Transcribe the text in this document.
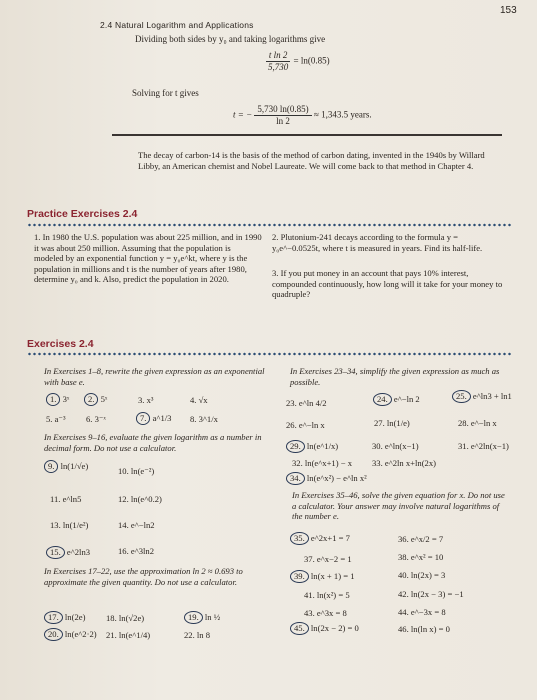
2.4 Natural Logarithm and Applications
153
Dividing both sides by y₀ and taking logarithms give
$\frac{\text{t ln 2}}{5,730} = \ln(0.85)$
Solving for t gives
t = − $\frac{5,730 \ln(0.85)}{\ln 2} \approx 1,343.5$ years.
The decay of carbon-14 is the basis of the method of carbon dating, invented in the 1940s by Willard Libby, an American chemist and Nobel Laureate. We will come back to that method in Chapter 4.
Practice Exercises 2.4
1. In 1980 the U.S. population was about 225 million, and in 1990 it was about 250 million. Assuming that the population is modeled by an exponential function y = y₀e^kt, where y is the population in millions and t is the number of years after 1980, determine y₀ and k. Also, predict the population in 2020.
2. Plutonium-241 decays according to the formula y = y₀e^−0.0525t, where t is measured in years. Find its half-life.
3. If you put money in an account that pays 10% interest, compounded continuously, how long will it take for your money to quadruple?
Exercises 2.4
In Exercises 1–8, rewrite the given expression as an exponential with base e.
In Exercises 23–34, simplify the given expression as much as possible.
1. 3ˣ	2. 5ˣ	3. x³	4. √x
5. a⁻³ 6. 3⁻ˣ	7. a^1/3 8. 3^1/x
In Exercises 9–16, evaluate the given logarithm as a number in decimal form. Do not use a calculator.
9. ln(1/√e)	10. ln(e⁻²)
11. e^ln5	12. ln(e^0.2)
13. ln(1/e²)	14. e^−ln2
15. e^2ln3	16. e^3ln2
In Exercises 17–22, use the approximation ln 2 ≈ 0.693 to approximate the given quantity. Do not use a calculator.
17. ln(2e) 18. ln(√2e)	19. ln ½
20. ln(e^2·2) 21. ln(e^1/4)	22. ln 8
23. e^ln 4/2	24. e^−ln 2	25. e^ln3 + ln1
26. e^−ln x	27. ln(1/e)	28. e^−ln x
29. ln(e^1/x)	30. e^ln(x−1)	31. e^2ln(x−1)
32. ln(e^x+1) − x 33. e^2ln x+ln(2x)
34. ln(e^x²) − e^ln x²
In Exercises 35–46, solve the given equation for x. Do not use a calculator. Your answer may involve natural logarithms of the number e.
35. e^2x+1 = 7	36. e^x/2 = 7
37. e^x−2 = 1	38. e^x² = 10
39. ln(x + 1) = 1	40. ln(2x) = 3
41. ln(x²) = 5	42. ln(2x − 3) = −1
43. e^3x = 8	44. e^−3x = 8
45. ln(2x − 2) = 0	46. ln(ln x) = 0
